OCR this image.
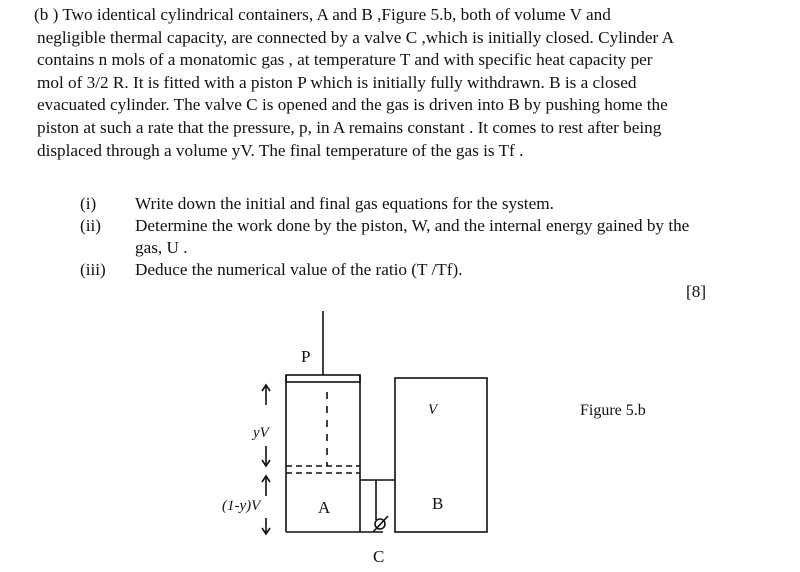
(b ) Two identical cylindrical containers, A and B ,Figure 5.b, both of volume V and

negligible thermal capacity, are connected by a valve C ,which is initially closed. Cylinder A

contains n mols of a monatomic gas , at temperature T and with specific heat capacity per

mol of 3/2 R. It is fitted with a piston P which is initially fully withdrawn. B is a closed

evacuated cylinder. The valve C is opened and the gas is driven into B by pushing home the

piston at such a rate that the pressure, p, in A remains constant . It comes to rest after being

displaced through a volume yV. The final temperature of the gas is Tf .

(i) Write down the initial and final gas equations for the system.
(ii) Determine the work done by the piston, W, and the internal energy gained by the
gas, U .
(iii) Deduce the numerical value of the ratio (T /Tf).
[8]
P
V
yV
(1-y)V	A	B
C
Figure 5.b
